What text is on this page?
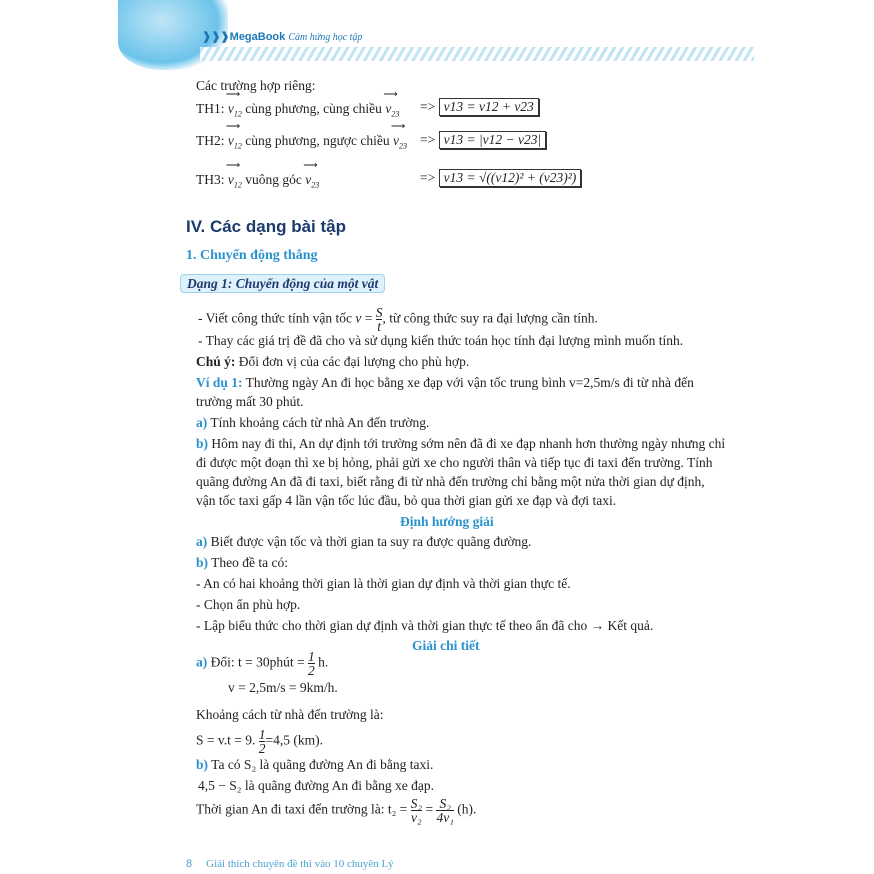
❱❱❱MegaBook Cảm hứng học tập
Các trường hợp riêng:
TH1: ⟶ $v_{12}$ cùng phương, cùng chiều ⟶ $v_{23}$
=> v13 = v12 + v23
TH2: ⟶ $v_{12}$ cùng phương, ngược chiều ⟶ $v_{23} => v13 = |v12 - v23|$
TH3: ⟶ $v_{12}$ vuông góc ⟶ $v_{23}$
=> v13 = √((v12)² + (v23)²)
IV. Các dạng bài tập
1. Chuyển động thẳng
Dạng 1: Chuyển động của một vật
- Viết công thức tính vận tốc $v = \frac{S}{t}$ , từ công thức suy ra đại lượng cần tính.
- Thay các giá trị đề đã cho và sử dụng kiến thức toán học tính đại lượng mình muốn tính.
Chú ý: Đổi đơn vị của các đại lượng cho phù hợp.
Ví dụ 1: Thường ngày An đi học bằng xe đạp với vận tốc trung bình v=2,5m/s đi từ nhà đến
trường mất 30 phút.
a) Tính khoảng cách từ nhà An đến trường.
b) Hôm nay đi thi, An dự định tới trường sớm nên đã đi xe đạp nhanh hơn thường ngày nhưng chỉ
đi được một đoạn thì xe bị hỏng, phải gửi xe cho người thân và tiếp tục đi taxi đến trường. Tính
quãng đường An đã đi taxi, biết rằng đi từ nhà đến trường chỉ bằng một nửa thời gian dự định,
vận tốc taxi gấp 4 lần vận tốc lúc đầu, bỏ qua thời gian gửi xe đạp và đợi taxi.
Định hướng giải
a) Biết được vận tốc và thời gian ta suy ra được quãng đường.
b) Theo đề ta có:
- An có hai khoảng thời gian là thời gian dự định và thời gian thực tế.
- Chọn ẩn phù hợp.
- Lập biểu thức cho thời gian dự định và thời gian thực tế theo ẩn đã cho → Kết quả.
Giải chi tiết
a) Đổi: t = 30phút = $\frac{1}{2} h$.
v = 2,5m/s = 9km/h.
Khoảng cách từ nhà đến trường là:
S = v.t = 9. $\frac{1}{2} =4,5$ (km).
b) Ta có S₂ là quãng đường An đi bằng taxi.
4,5 − S₂ là quãng đường An đi bằng xe đạp.
Thời gian An đi taxi đến trường là: $t_2 = \frac{\text{S₂}}{\text{v₂}} = \frac{\text{S₂}}{\text{4v₁}} (h)$.
8 Giải thích chuyên đề thi vào 10 chuyên Lý
